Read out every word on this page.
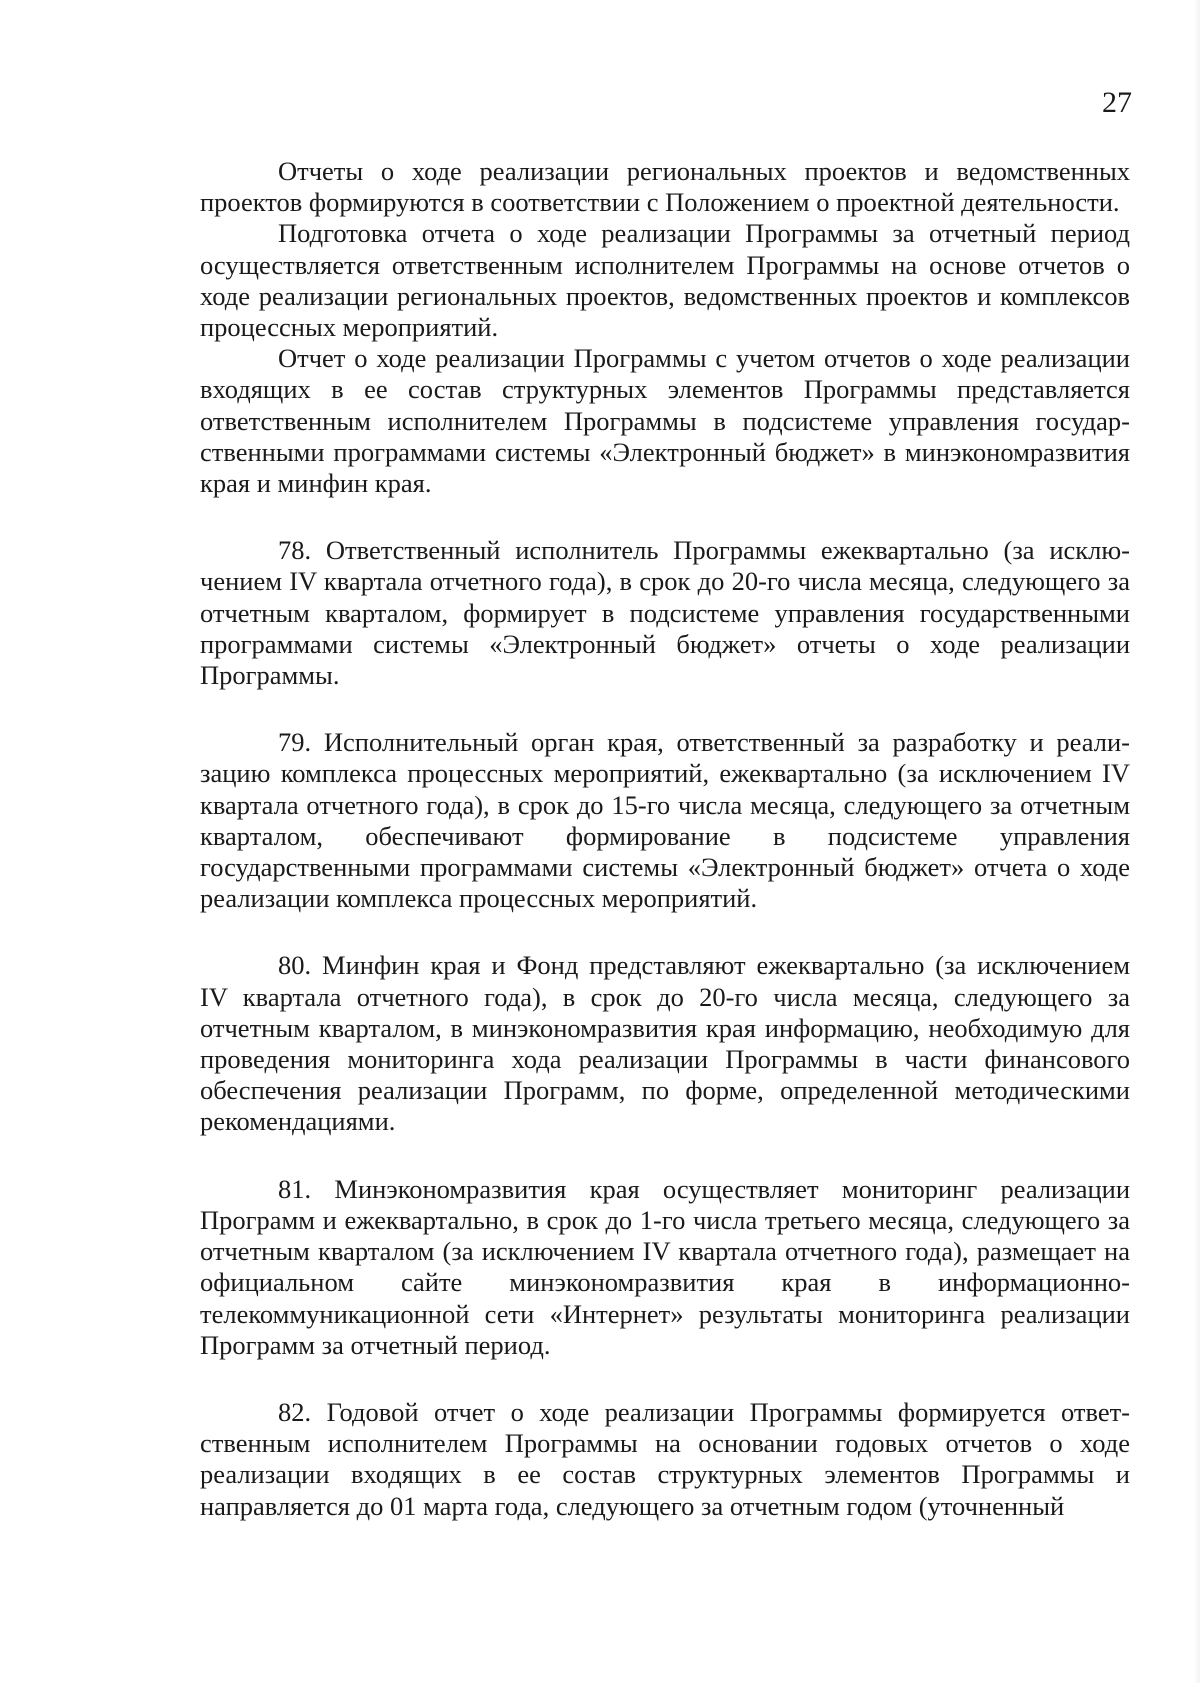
27

Отчеты о ходе реализации региональных проектов и ведомственных проектов формируются в соответствии с Положением о проектной деятельности.

Подготовка отчета о ходе реализации Программы за отчетный период осуществляется ответственным исполнителем Программы на основе отчетов о ходе реализации региональных проектов, ведомственных проектов и комплексов процессных мероприятий.

Отчет о ходе реализации Программы с учетом отчетов о ходе реализации входящих в ее состав структурных элементов Программы представляется ответственным исполнителем Программы в подсистеме управления государственными программами системы «Электронный бюджет» в минэкономразвития края и минфин края.

78. Ответственный исполнитель Программы ежеквартально (за исключением IV квартала отчетного года), в срок до 20-го числа месяца, следующего за отчетным кварталом, формирует в подсистеме управления государственными программами системы «Электронный бюджет» отчеты о ходе реализации Программы.

79. Исполнительный орган края, ответственный за разработку и реализацию комплекса процессных мероприятий, ежеквартально (за исключением IV квартала отчетного года), в срок до 15-го числа месяца, следующего за отчетным кварталом, обеспечивают формирование в подсистеме управления государственными программами системы «Электронный бюджет» отчета о ходе реализации комплекса процессных мероприятий.

80. Минфин края и Фонд представляют ежеквартально (за исключением IV квартала отчетного года), в срок до 20-го числа месяца, следующего за отчетным кварталом, в минэкономразвития края информацию, необходимую для проведения мониторинга хода реализации Программы в части финансового обеспечения реализации Программ, по форме, определенной методическими рекомендациями.

81. Минэкономразвития края осуществляет мониторинг реализации Программ и ежеквартально, в срок до 1-го числа третьего месяца, следующего за отчетным кварталом (за исключением IV квартала отчетного года), размещает на официальном сайте минэкономразвития края в информационно-телекоммуникационной сети «Интернет» результаты мониторинга реализации Программ за отчетный период.

82. Годовой отчет о ходе реализации Программы формируется ответственным исполнителем Программы на основании годовых отчетов о ходе реализации входящих в ее состав структурных элементов Программы и направляется до 01 марта года, следующего за отчетным годом (уточненный
